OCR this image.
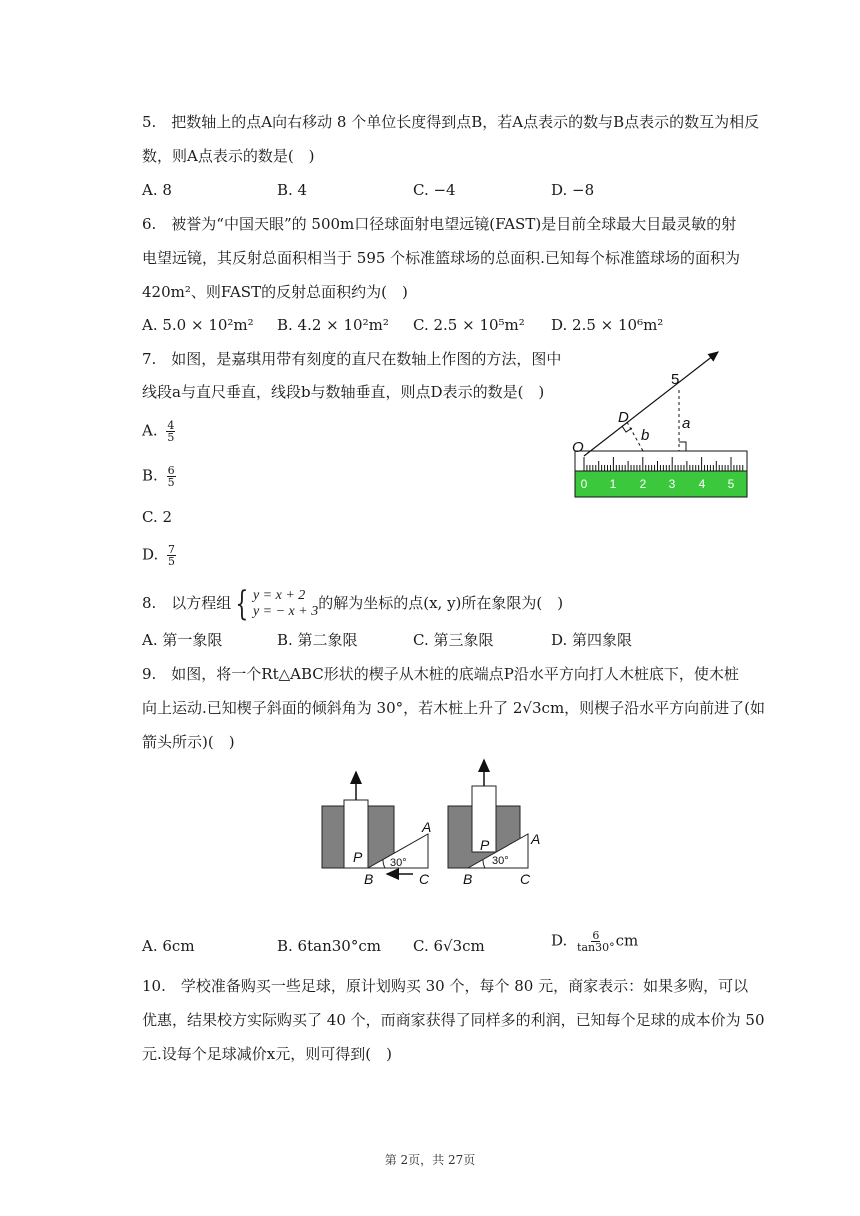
5.　把数轴上的点A向右移动 8 个单位长度得到点B，若A点表示的数与B点表示的数互为相反
数，则A点表示的数是(　)
A. 8	B. 4	C. −4	D. −8
6.　被誉为“中国天眼”的 500m口径球面射电望远镜(FAST)是目前全球最大目最灵敏的射
电望远镜，其反射总面积相当于 595 个标准篮球场的总面积.已知每个标准篮球场的面积为
420m²、则FAST的反射总面积约为(　)
A. 5.0 × 10²m² B. 4.2 × 10²m² C. 2.5 × 10⁵m² D. 2.5 × 10⁶m²
7.　如图，是嘉琪用带有刻度的直尺在数轴上作图的方法，图中
线段a与直尺垂直，线段b与数轴垂直，则点D表示的数是(　)
A. $\frac{4}{5}$
B. $\frac{6}{5}$
C. 2
D. $\frac{7}{5}$
0 1 2 3 4 5
O
D
b
a
5
8.　以方程组 { y = x + 2
y = − x + 3 的解为坐标的点(x, y)所在象限为(　)
A. 第一象限	B. 第二象限	C. 第三象限	D. 第四象限
9.　如图，将一个Rt△ABC形状的楔子从木桩的底端点P沿水平方向打人木桩底下，使木桩
向上运动.已知楔子斜面的倾斜角为 30°，若木桩上升了 2√3cm，则楔子沿水平方向前进了(如
箭头所示)(　)
P
B	C
A
30°
P
B	C
A
30°
A. 6cm	B. 6tan30°cm C. 6√3cm	D. $\frac{6}{\tan 30^\circ}$ cm
10.　学校准备购买一些足球，原计划购买 30 个，每个 80 元，商家表示：如果多购，可以
优惠，结果校方实际购买了 40 个，而商家获得了同样多的利润，已知每个足球的成本价为 50
元.设每个足球减价x元，则可得到(　)
第 2页，共 27页
